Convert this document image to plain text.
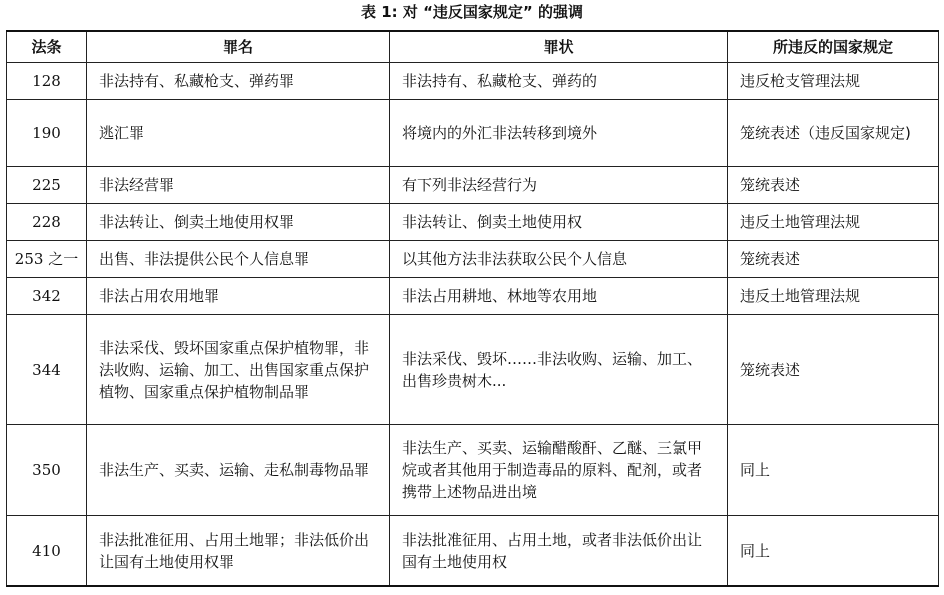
表 1: 对 “违反国家规定” 的强调
法条	罪名	罪状	所违反的国家规定
128	非法持有、私藏枪支、弹药罪	非法持有、私藏枪支、弹药的	违反枪支管理法规
190	逃汇罪	将境内的外汇非法转移到境外	笼统表述（违反国家规定)
225	非法经营罪	有下列非法经营行为	笼统表述
228	非法转让、倒卖土地使用权罪	非法转让、倒卖土地使用权	违反土地管理法规
253 之一	出售、非法提供公民个人信息罪	以其他方法非法获取公民个人信息	笼统表述
342	非法占用农用地罪	非法占用耕地、林地等农用地	违反土地管理法规
344	非法采伐、毁坏国家重点保护植物罪，非法收购、运输、加工、出售国家重点保护植物、国家重点保护植物制品罪	非法采伐、毁坏……非法收购、运输、加工、出售珍贵树木...	笼统表述
350	非法生产、买卖、运输、走私制毒物品罪	非法生产、买卖、运输醋酸酐、乙醚、三氯甲烷或者其他用于制造毒品的原料、配剂，或者携带上述物品进出境	同上
410	非法批准征用、占用土地罪；非法低价出让国有土地使用权罪	非法批准征用、占用土地，或者非法低价出让国有土地使用权	同上
